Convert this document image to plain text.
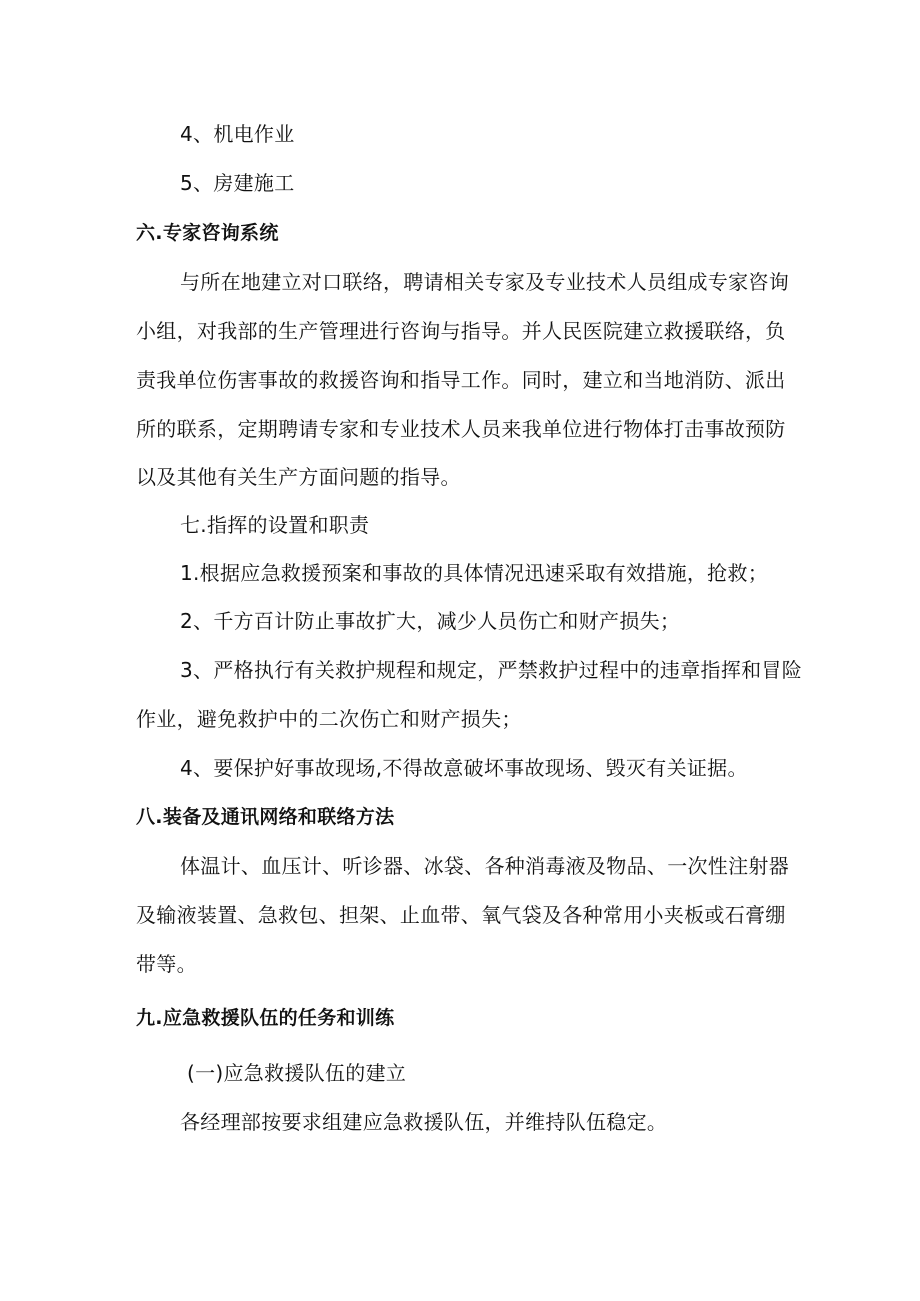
4、机电作业
5、房建施工
六.专家咨询系统
与所在地建立对口联络，聘请相关专家及专业技术人员组成专家咨询
小组，对我部的生产管理进行咨询与指导。并人民医院建立救援联络，负
责我单位伤害事故的救援咨询和指导工作。同时，建立和当地消防、派出
所的联系，定期聘请专家和专业技术人员来我单位进行物体打击事故预防
以及其他有关生产方面问题的指导。
七.指挥的设置和职责
1.根据应急救援预案和事故的具体情况迅速采取有效措施，抢救；
2、千方百计防止事故扩大，减少人员伤亡和财产损失；
3、严格执行有关救护规程和规定，严禁救护过程中的违章指挥和冒险
作业，避免救护中的二次伤亡和财产损失；
4、要保护好事故现场,不得故意破坏事故现场、毁灭有关证据。
八.装备及通讯网络和联络方法
体温计、血压计、听诊器、冰袋、各种消毒液及物品、一次性注射器
及输液装置、急救包、担架、止血带、氧气袋及各种常用小夹板或石膏绷
带等。
九.应急救援队伍的任务和训练
(一)应急救援队伍的建立
各经理部按要求组建应急救援队伍，并维持队伍稳定。
